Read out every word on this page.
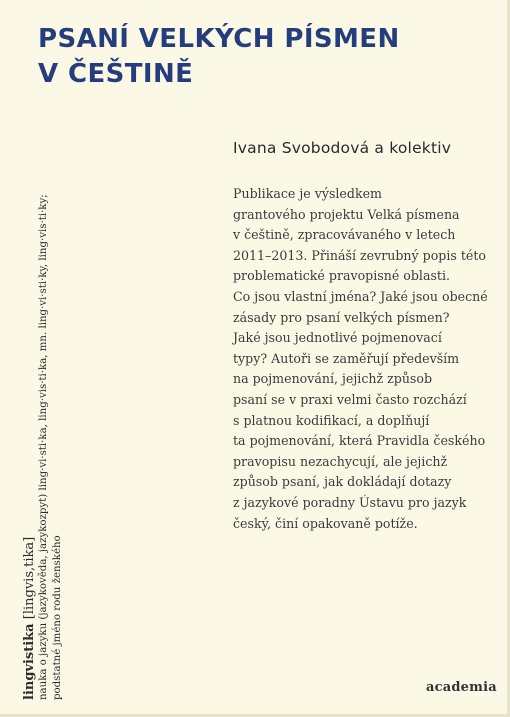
PSANÍ VELKÝCH PÍSMEN
V ČEŠTINĚ
Ivana Svobodová a kolektiv
Publikace je výsledkem
grantového projektu Velká písmena
v češtině, zpracovávaného v letech
2011–2013. Přináší zevrubný popis této
problematické pravopisné oblasti.
Co jsou vlastní jména? Jaké jsou obecné
zásady pro psaní velkých písmen?
Jaké jsou jednotlivé pojmenovací
typy? Autoři se zaměřují především
na pojmenování, jejichž způsob
psaní se v praxi velmi často rozchází
s platnou kodifikací, a doplňují
ta pojmenování, která Pravidla českého
pravopisu nezachycují, ale jejichž
způsob psaní, jak dokládají dotazy
z jazykové poradny Ústavu pro jazyk
český, činí opakovaně potíže.
lingvistika [lingvis,tika] nauka o jazyku (jazykověda, jazykozpyt) ling·vi·sti·ka, ling·vis·ti·ka, mn. ling·vi·sti·ky, ling·vis·ti·ky; podstatné jméno rodu ženského	academia
